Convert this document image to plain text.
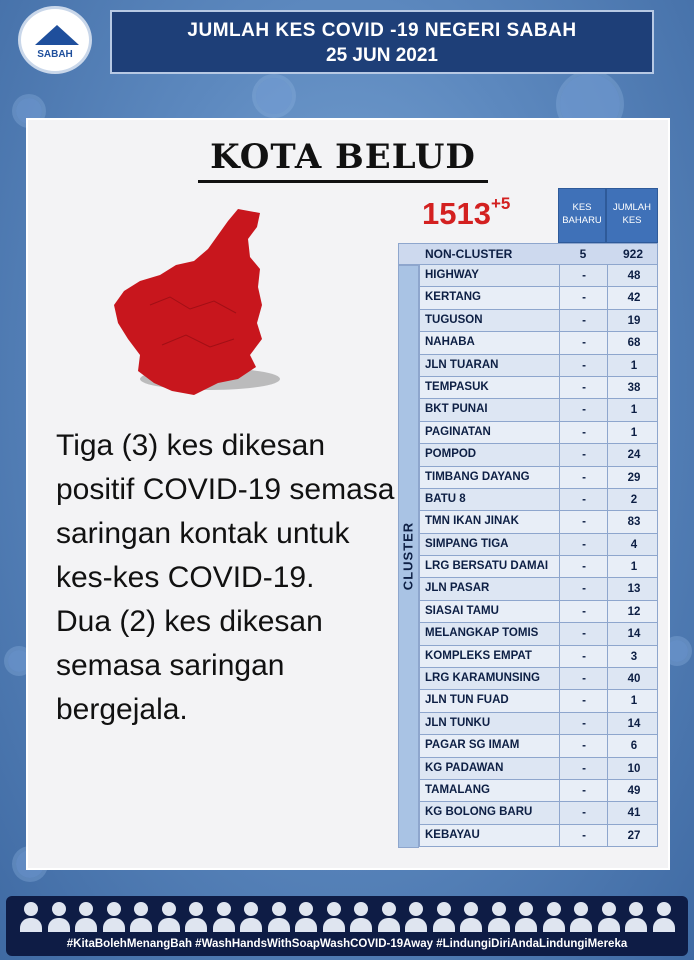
SABAH
JUMLAH KES COVID -19 NEGERI SABAH
25 JUN 2021
KOTA BELUD
$1513^{+5}$

Tiga (3) kes dikesan positif COVID-19 semasa saringan kontak untuk kes-kes COVID-19.

Dua (2) kes dikesan semasa saringan bergejala.

KES BAHARU
JUMLAH KES
NON-CLUSTER	5	922
CLUSTER
HIGHWAY	-	48
KERTANG	-	42
TUGUSON	-	19
NAHABA	-	68
JLN TUARAN	-	1
TEMPASUK	-	38
BKT PUNAI	-	1
PAGINATAN	-	1
POMPOD	-	24
TIMBANG DAYANG	-	29
BATU 8	-	2
TMN IKAN JINAK	-	83
SIMPANG TIGA	-	4
LRG BERSATU DAMAI	-	1
JLN PASAR	-	13
SIASAI TAMU	-	12
MELANGKAP TOMIS	-	14
KOMPLEKS EMPAT	-	3
LRG KARAMUNSING	-	40
JLN TUN FUAD	-	1
JLN TUNKU	-	14
PAGAR SG IMAM	-	6
KG PADAWAN	-	10
TAMALANG	-	49
KG BOLONG BARU	-	41
KEBAYAU	-	27
#KitaBolehMenangBah #WashHandsWithSoapWashCOVID-19Away #LindungiDiriAndaLindungiMereka
